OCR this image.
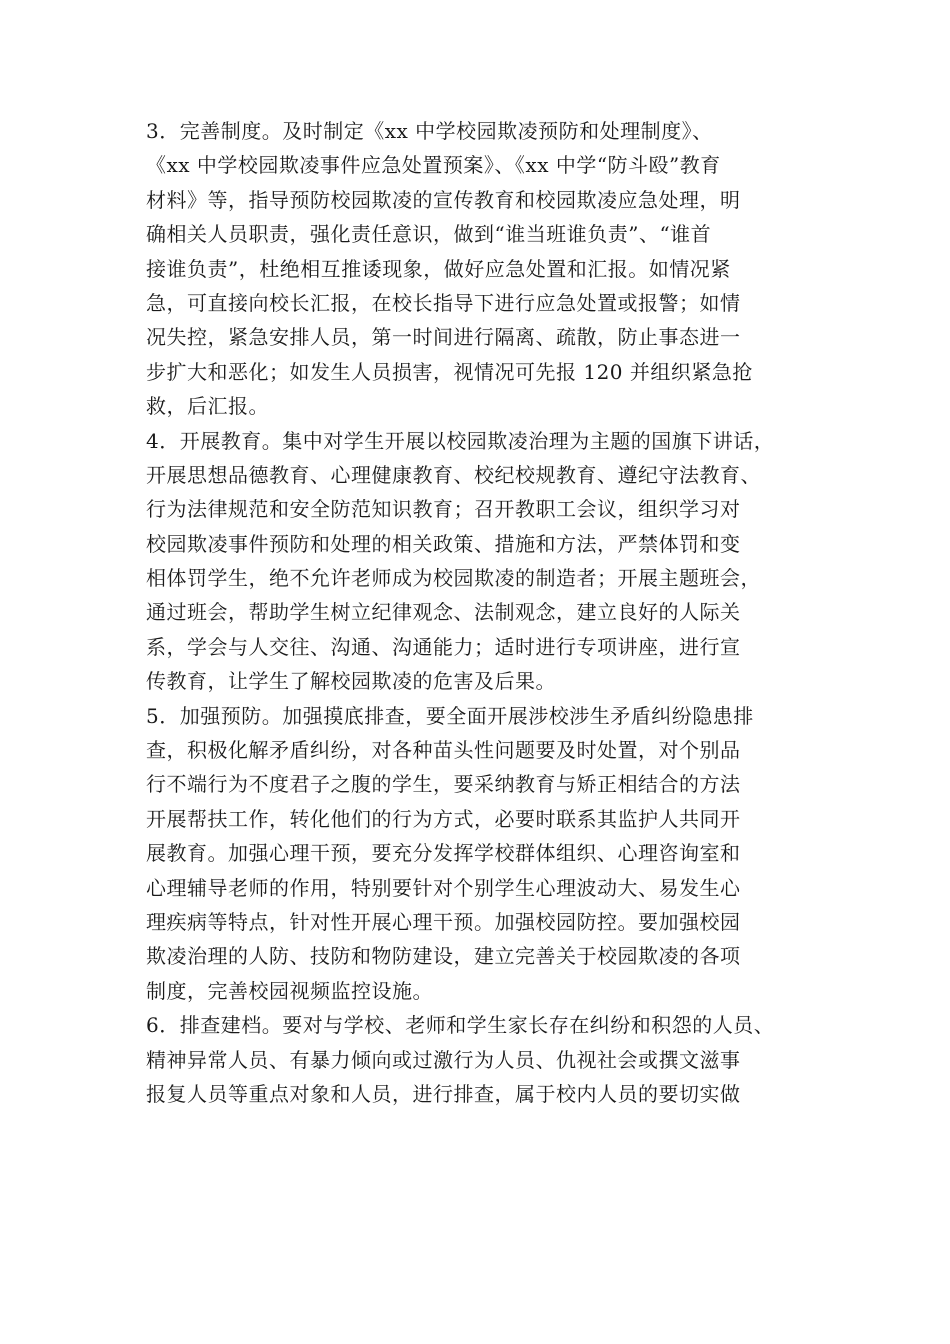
3．完善制度。及时制定《xx 中学校园欺凌预防和处理制度》、
《xx 中学校园欺凌事件应急处置预案》、《xx 中学“防斗殴”教育
材料》等，指导预防校园欺凌的宣传教育和校园欺凌应急处理，明
确相关人员职责，强化责任意识，做到“谁当班谁负责”、“谁首
接谁负责”，杜绝相互推诿现象，做好应急处置和汇报。如情况紧
急，可直接向校长汇报，在校长指导下进行应急处置或报警；如情
况失控，紧急安排人员，第一时间进行隔离、疏散，防止事态进一
步扩大和恶化；如发生人员损害，视情况可先报 120 并组织紧急抢
救，后汇报。

4．开展教育。集中对学生开展以校园欺凌治理为主题的国旗下讲话，
开展思想品德教育、心理健康教育、校纪校规教育、遵纪守法教育、
行为法律规范和安全防范知识教育；召开教职工会议，组织学习对
校园欺凌事件预防和处理的相关政策、措施和方法，严禁体罚和变
相体罚学生，绝不允许老师成为校园欺凌的制造者；开展主题班会，
通过班会，帮助学生树立纪律观念、法制观念，建立良好的人际关
系，学会与人交往、沟通、沟通能力；适时进行专项讲座，进行宣
传教育，让学生了解校园欺凌的危害及后果。

5．加强预防。加强摸底排查，要全面开展涉校涉生矛盾纠纷隐患排
查，积极化解矛盾纠纷，对各种苗头性问题要及时处置，对个别品
行不端行为不度君子之腹的学生，要采纳教育与矫正相结合的方法
开展帮扶工作，转化他们的行为方式，必要时联系其监护人共同开
展教育。加强心理干预，要充分发挥学校群体组织、心理咨询室和
心理辅导老师的作用，特别要针对个别学生心理波动大、易发生心
理疾病等特点，针对性开展心理干预。加强校园防控。要加强校园
欺凌治理的人防、技防和物防建设，建立完善关于校园欺凌的各项
制度，完善校园视频监控设施。

6．排查建档。要对与学校、老师和学生家长存在纠纷和积怨的人员、
精神异常人员、有暴力倾向或过激行为人员、仇视社会或撰文滋事
报复人员等重点对象和人员，进行排查，属于校内人员的要切实做
